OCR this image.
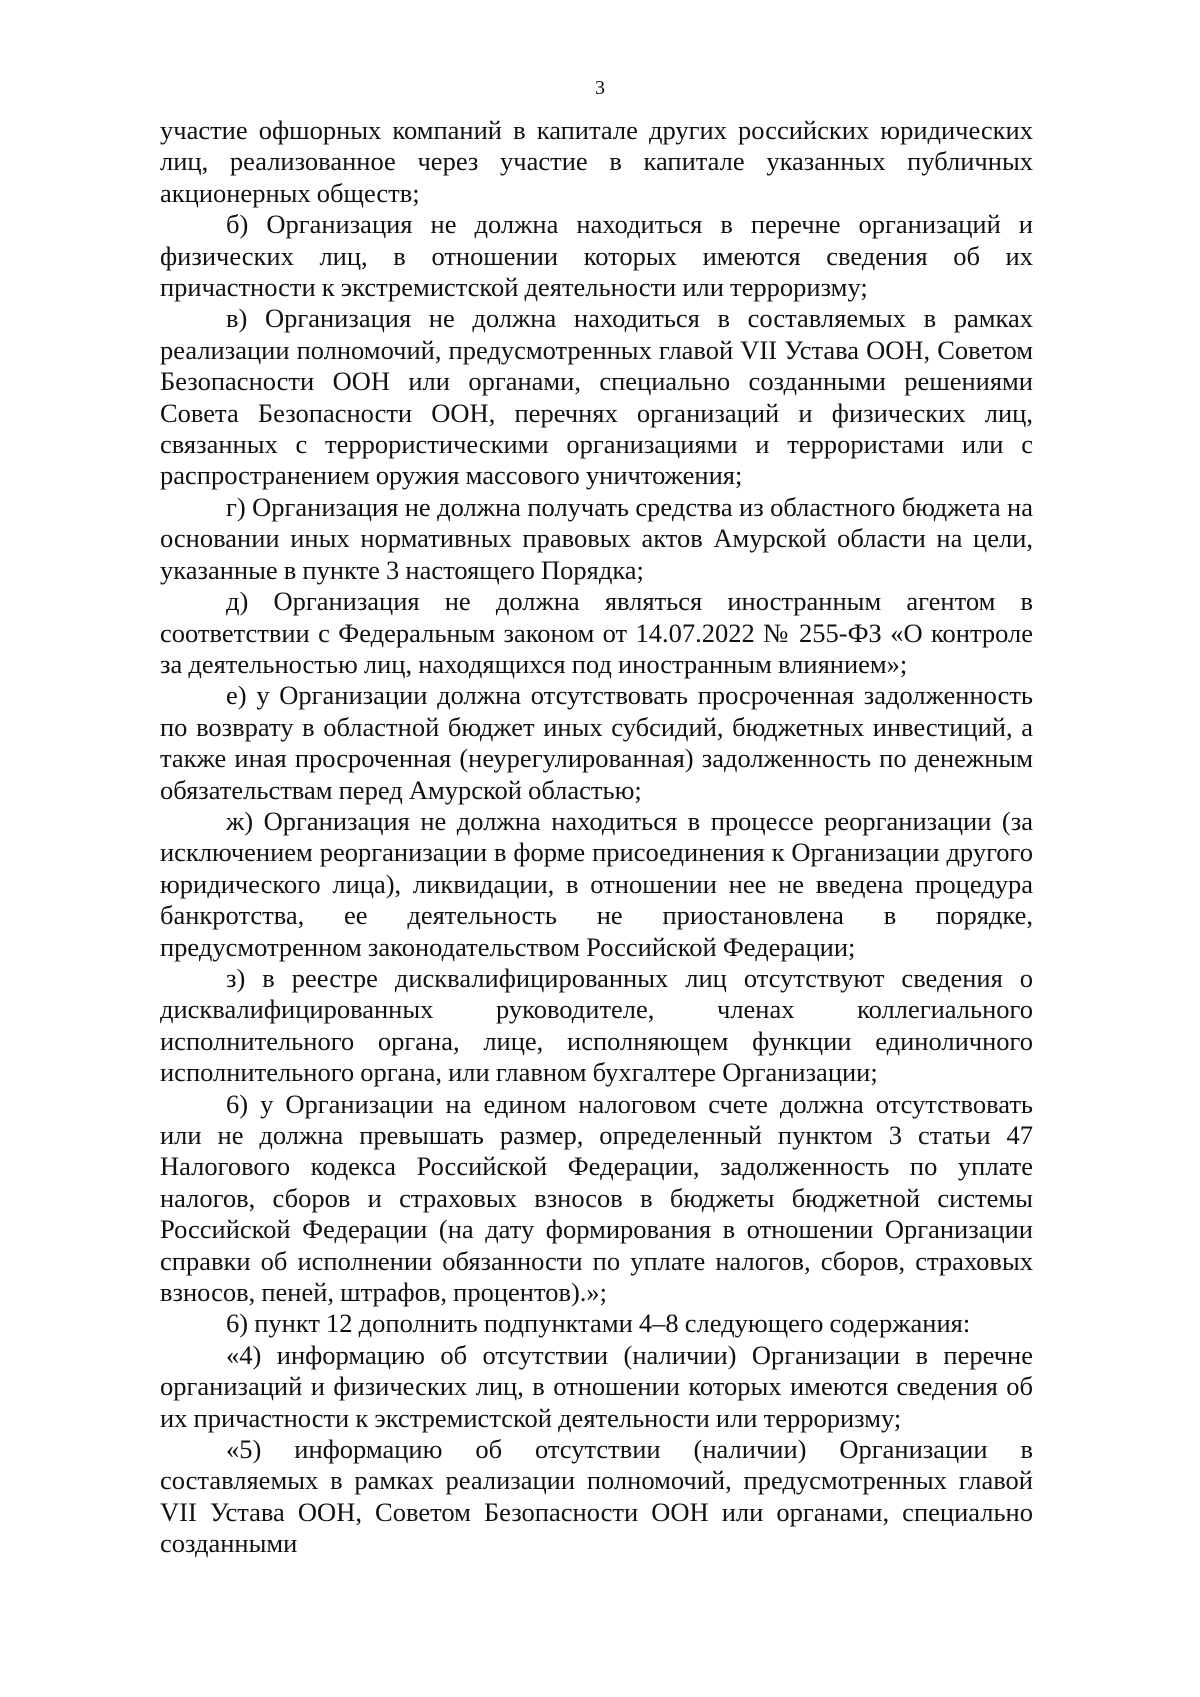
3

участие офшорных компаний в капитале других российских юридических лиц, реализованное через участие в капитале указанных публичных акционерных обществ;

б) Организация не должна находиться в перечне организаций и физических лиц, в отношении которых имеются сведения об их причастности к экстремистской деятельности или терроризму;

в) Организация не должна находиться в составляемых в рамках реализации полномочий, предусмотренных главой VII Устава ООН, Советом Безопасности ООН или органами, специально созданными решениями Совета Безопасности ООН, перечнях организаций и физических лиц, связанных с террористическими организациями и террористами или с распространением оружия массового уничтожения;

г) Организация не должна получать средства из областного бюджета на основании иных нормативных правовых актов Амурской области на цели, указанные в пункте 3 настоящего Порядка;

д) Организация не должна являться иностранным агентом в соответствии с Федеральным законом от 14.07.2022 № 255-ФЗ «О контроле за деятельностью лиц, находящихся под иностранным влиянием»;

е) у Организации должна отсутствовать просроченная задолженность по возврату в областной бюджет иных субсидий, бюджетных инвестиций, а также иная просроченная (неурегулированная) задолженность по денежным обязательствам перед Амурской областью;

ж) Организация не должна находиться в процессе реорганизации (за исключением реорганизации в форме присоединения к Организации другого юридического лица), ликвидации, в отношении нее не введена процедура банкротства, ее деятельность не приостановлена в порядке, предусмотренном законодательством Российской Федерации;

з) в реестре дисквалифицированных лиц отсутствуют сведения о дисквалифицированных руководителе, членах коллегиального исполнительного органа, лице, исполняющем функции единоличного исполнительного органа, или главном бухгалтере Организации;

6) у Организации на едином налоговом счете должна отсутствовать или не должна превышать размер, определенный пунктом 3 статьи 47 Налогового кодекса Российской Федерации, задолженность по уплате налогов, сборов и страховых взносов в бюджеты бюджетной системы Российской Федерации (на дату формирования в отношении Организации справки об исполнении обязанности по уплате налогов, сборов, страховых взносов, пеней, штрафов, процентов).»;

6) пункт 12 дополнить подпунктами 4–8 следующего содержания:

«4) информацию об отсутствии (наличии) Организации в перечне организаций и физических лиц, в отношении которых имеются сведения об их причастности к экстремистской деятельности или терроризму;

«5) информацию об отсутствии (наличии) Организации в составляемых в рамках реализации полномочий, предусмотренных главой VII Устава ООН, Советом Безопасности ООН или органами, специально созданными
